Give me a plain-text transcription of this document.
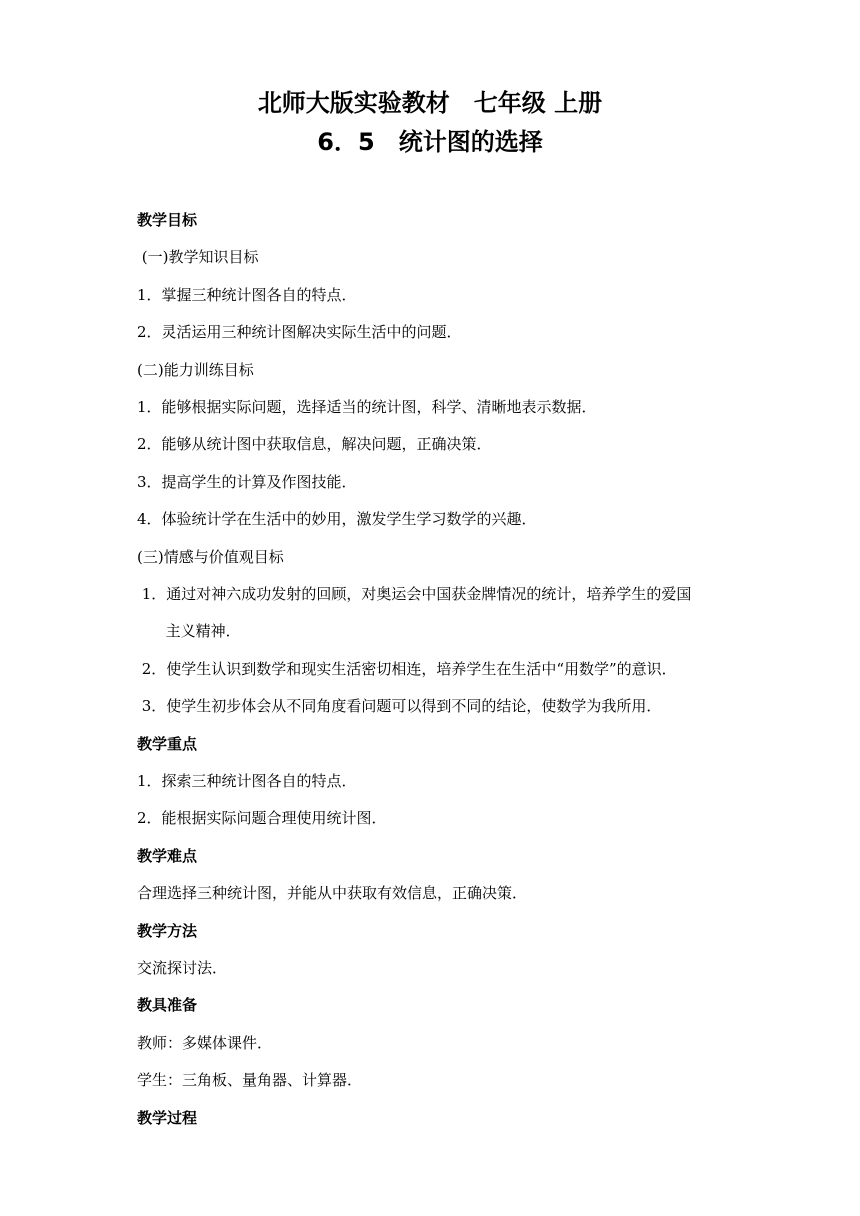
北师大版实验教材　七年级 上册
6．5　统计图的选择
教学目标
(一)教学知识目标
1．掌握三种统计图各自的特点．
2．灵活运用三种统计图解决实际生活中的问题．
(二)能力训练目标
1．能够根据实际问题，选择适当的统计图，科学、清晰地表示数据．
2．能够从统计图中获取信息，解决问题，正确决策．
3．提高学生的计算及作图技能．
4．体验统计学在生活中的妙用，激发学生学习数学的兴趣．
(三)情感与价值观目标
1．通过对神六成功发射的回顾，对奥运会中国获金牌情况的统计，培养学生的爱国
主义精神．
2．使学生认识到数学和现实生活密切相连，培养学生在生活中“用数学”的意识．
3．使学生初步体会从不同角度看问题可以得到不同的结论，使数学为我所用．
教学重点
1．探索三种统计图各自的特点．
2．能根据实际问题合理使用统计图．
教学难点
合理选择三种统计图，并能从中获取有效信息，正确决策．
教学方法
交流探讨法．
教具准备
教师：多媒体课件．
学生：三角板、量角器、计算器．
教学过程
